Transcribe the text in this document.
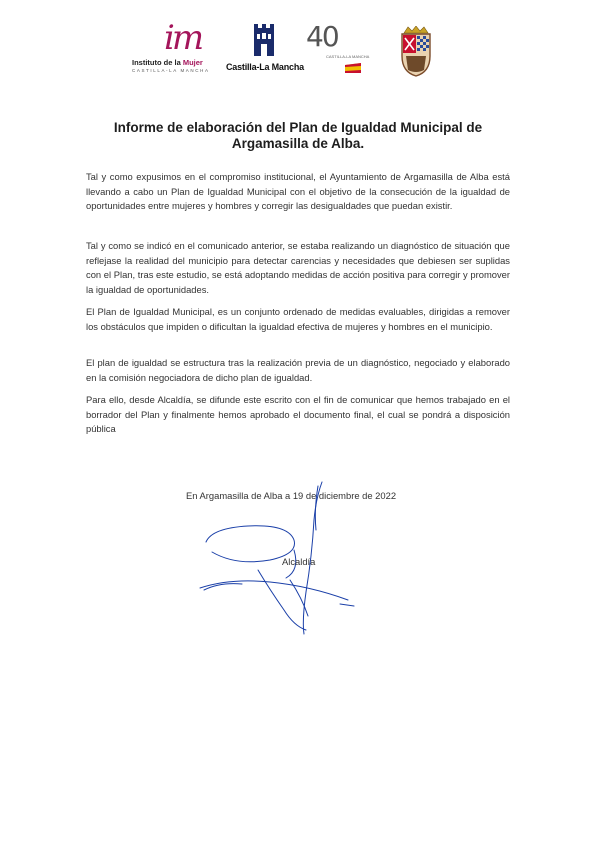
im
Instituto de la Mujer
CASTILLA-LA MANCHA Castilla-La Mancha
40
CASTILLA-LA MANCHA
Informe de elaboración del Plan de Igualdad Municipal de
Argamasilla de Alba.
Tal y como expusimos en el compromiso institucional, el Ayuntamiento de Argamasilla de Alba está llevando a cabo un Plan de Igualdad Municipal con el objetivo de la consecución de la igualdad de oportunidades entre mujeres y hombres y corregir las desigualdades que puedan existir.
Tal y como se indicó en el comunicado anterior, se estaba realizando un diagnóstico de situación que reflejase la realidad del municipio para detectar carencias y necesidades que debiesen ser suplidas con el Plan, tras este estudio, se está adoptando medidas de acción positiva para corregir y promover la igualdad de oportunidades.
El Plan de Igualdad Municipal, es un conjunto ordenado de medidas evaluables, dirigidas a remover los obstáculos que impiden o dificultan la igualdad efectiva de mujeres y hombres en el municipio.
El plan de igualdad se estructura tras la realización previa de un diagnóstico, negociado y elaborado en la comisión negociadora de dicho plan de igualdad.
Para ello, desde Alcaldía, se difunde este escrito con el fin de comunicar que hemos trabajado en el borrador del Plan y finalmente hemos aprobado el documento final, el cual se pondrá a disposición pública
En Argamasilla de Alba a 19 de diciembre de 2022
Alcaldía
